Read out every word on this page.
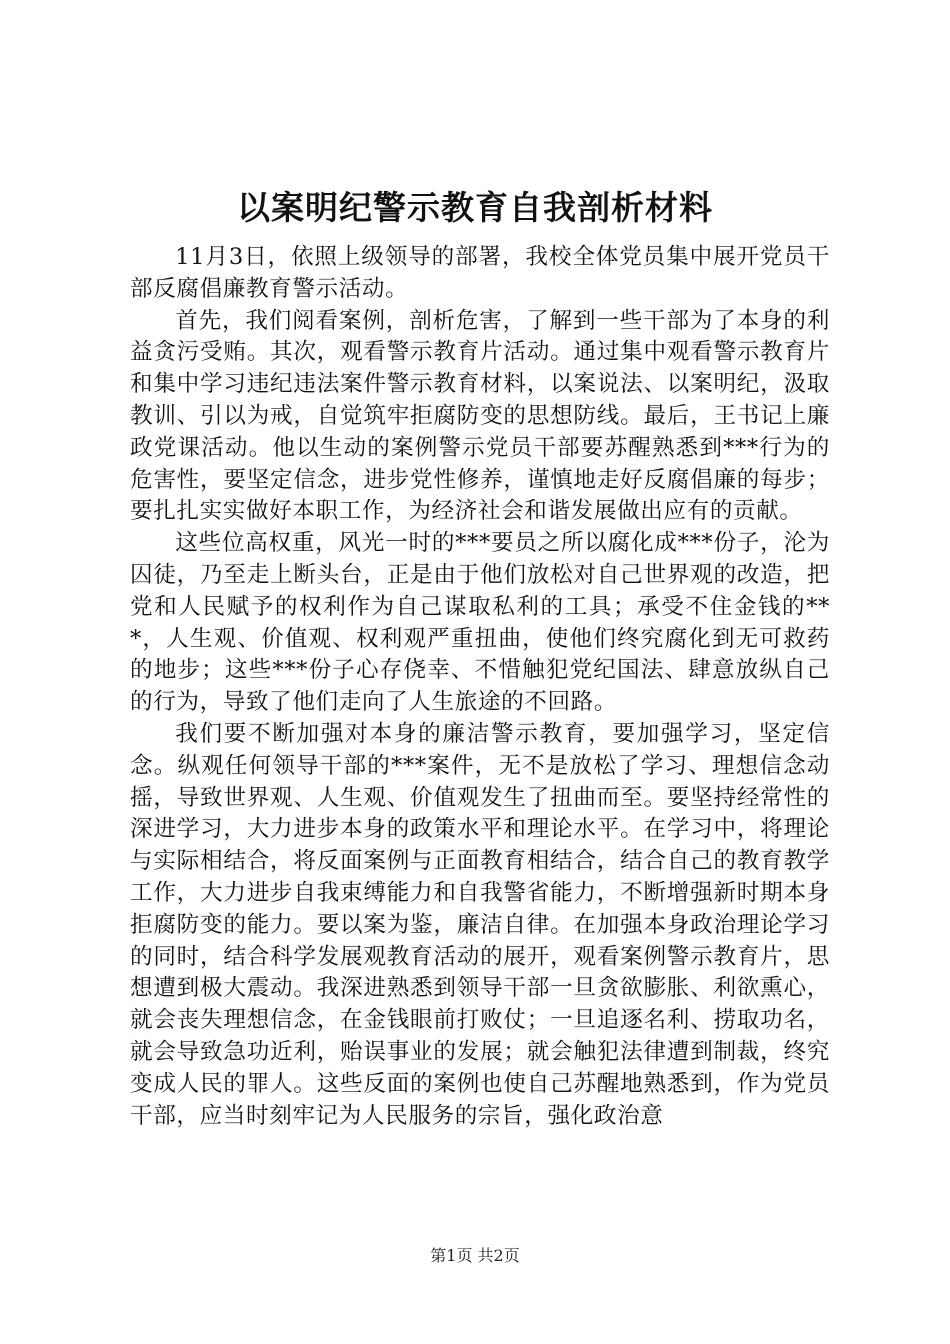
以案明纪警示教育自我剖析材料

11月3日，依照上级领导的部署，我校全体党员集中展开党员干部反腐倡廉教育警示活动。

首先，我们阅看案例，剖析危害，了解到一些干部为了本身的利益贪污受贿。其次，观看警示教育片活动。通过集中观看警示教育片和集中学习违纪违法案件警示教育材料，以案说法、以案明纪，汲取教训、引以为戒，自觉筑牢拒腐防变的思想防线。最后，王书记上廉政党课活动。他以生动的案例警示党员干部要苏醒熟悉到***行为的危害性，要坚定信念，进步党性修养，谨慎地走好反腐倡廉的每步；要扎扎实实做好本职工作，为经济社会和谐发展做出应有的贡献。

这些位高权重，风光一时的***要员之所以腐化成***份子，沦为囚徒，乃至走上断头台，正是由于他们放松对自己世界观的改造，把党和人民赋予的权利作为自己谋取私利的工具；承受不住金钱的***，人生观、价值观、权利观严重扭曲，使他们终究腐化到无可救药的地步；这些***份子心存侥幸、不惜触犯党纪国法、肆意放纵自己的行为，导致了他们走向了人生旅途的不回路。

我们要不断加强对本身的廉洁警示教育，要加强学习，坚定信念。纵观任何领导干部的***案件，无不是放松了学习、理想信念动摇，导致世界观、人生观、价值观发生了扭曲而至。要坚持经常性的深进学习，大力进步本身的政策水平和理论水平。在学习中，将理论与实际相结合，将反面案例与正面教育相结合，结合自己的教育教学工作，大力进步自我束缚能力和自我警省能力，不断增强新时期本身拒腐防变的能力。要以案为鉴，廉洁自律。在加强本身政治理论学习的同时，结合科学发展观教育活动的展开，观看案例警示教育片，思想遭到极大震动。我深进熟悉到领导干部一旦贪欲膨胀、利欲熏心，就会丧失理想信念，在金钱眼前打败仗；一旦追逐名利、捞取功名，就会导致急功近利，贻误事业的发展；就会触犯法律遭到制裁，终究变成人民的罪人。这些反面的案例也使自己苏醒地熟悉到，作为党员干部，应当时刻牢记为人民服务的宗旨，强化政治意

第1页 共2页
